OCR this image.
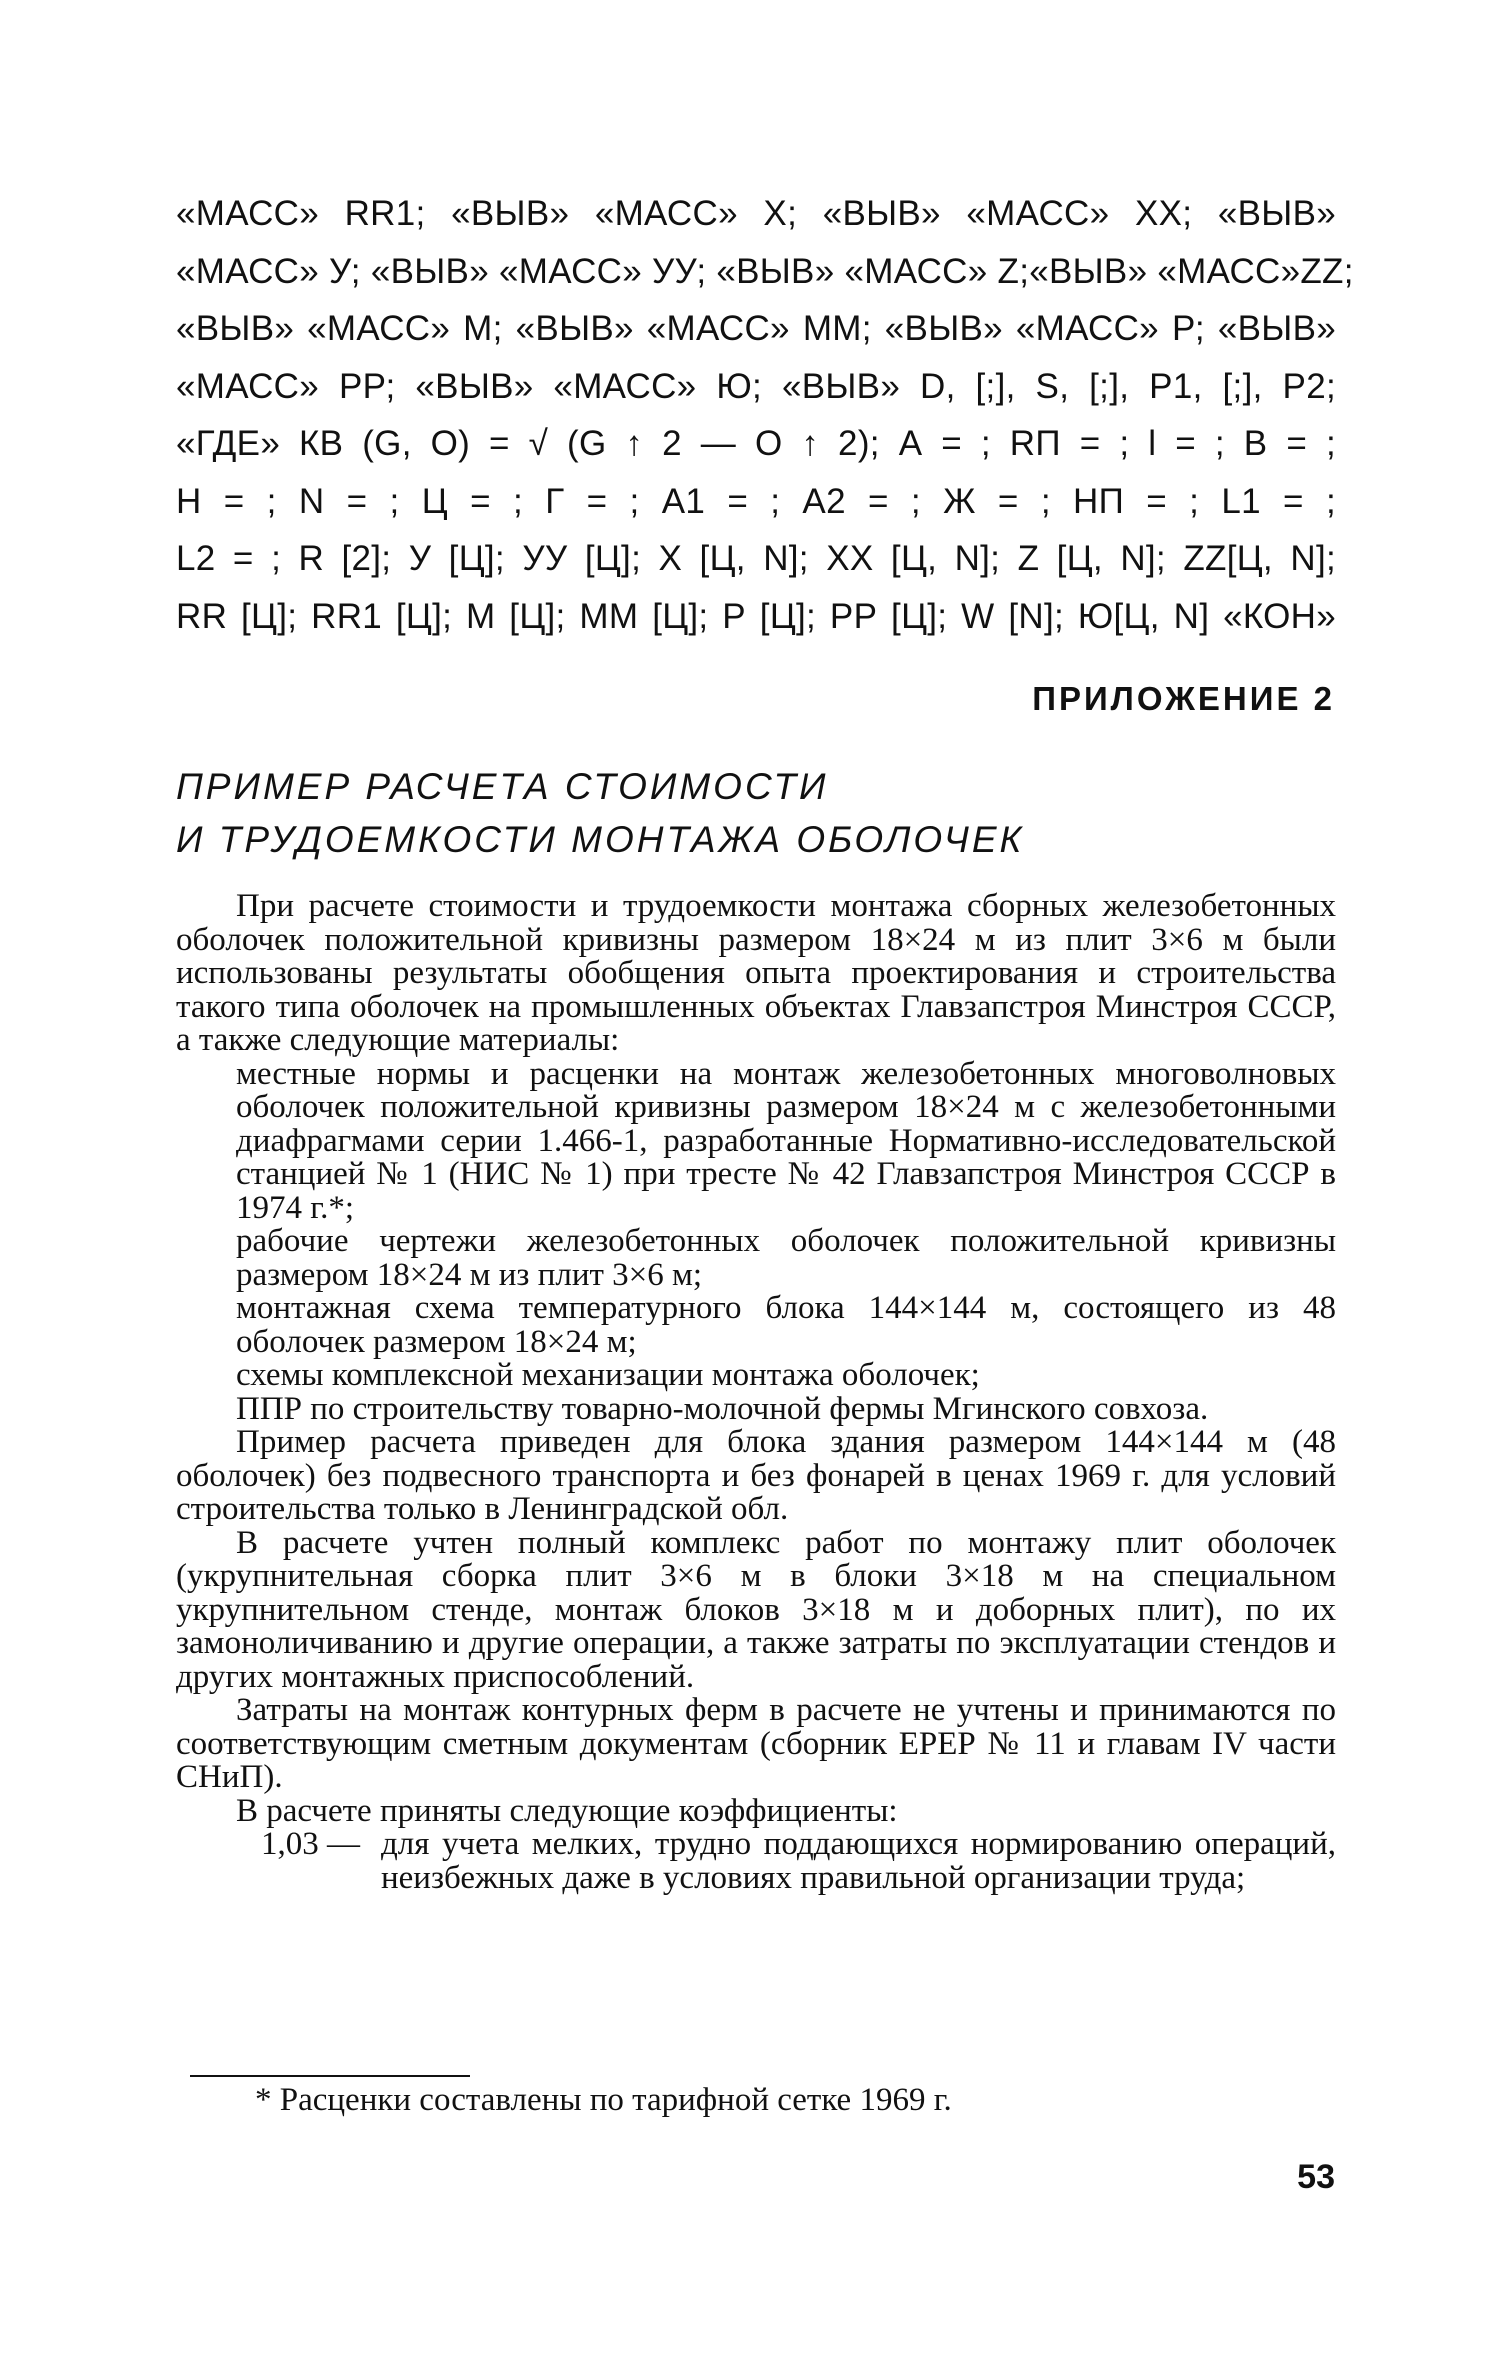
«МАСС» RR1; «ВЫВ» «МАСС» X; «ВЫВ» «МАСС» XX; «ВЫВ»
«МАСС» У; «ВЫВ» «МАСС» УУ; «ВЫВ» «МАСС» Z;«ВЫВ» «МАСС»ZZ;
«ВЫВ» «МАСС» М; «ВЫВ» «МАСС» ММ; «ВЫВ» «МАСС» Р; «ВЫВ»
«МАСС» РР; «ВЫВ» «МАСС» Ю; «ВЫВ» D, [;], S, [;], Р1, [;], Р2;
«ГДЕ» КВ (G, О) = √ (G ↑ 2 — О ↑ 2); А = ; RП = ; l = ; В = ;
Н = ; N = ; Ц = ; Г = ; А1 = ; А2 = ; Ж = ; НП = ; L1 = ;
L2 = ; R [2]; У [Ц]; УУ [Ц]; Х [Ц, N]; XX [Ц, N]; Z [Ц, N]; ZZ[Ц, N];
RR [Ц]; RR1 [Ц]; М [Ц]; ММ [Ц]; Р [Ц]; РР [Ц]; W [N]; Ю[Ц, N] «КОН»
ПРИЛОЖЕНИЕ 2
ПРИМЕР РАСЧЕТА СТОИМОСТИ
И ТРУДОЕМКОСТИ МОНТАЖА ОБОЛОЧЕК

При расчете стоимости и трудоемкости монтажа сборных железобетонных оболочек положительной кривизны размером 18×24 м из плит 3×6 м были использованы результаты обобщения опыта проектирования и строительства такого типа оболочек на промышленных объектах Главзапстроя Минстроя СССР, а также следующие материалы:

местные нормы и расценки на монтаж железобетонных многоволновых оболочек положительной кривизны размером 18×24 м с железобетонными диафрагмами серии 1.466-1, разработанные Нормативно-исследовательской станцией № 1 (НИС № 1) при тресте № 42 Главзапстроя Минстроя СССР в 1974 г.*;

рабочие чертежи железобетонных оболочек положительной кривизны размером 18×24 м из плит 3×6 м;

монтажная схема температурного блока 144×144 м, состоящего из 48 оболочек размером 18×24 м;

схемы комплексной механизации монтажа оболочек;

ППР по строительству товарно-молочной фермы Мгинского совхоза.

Пример расчета приведен для блока здания размером 144×144 м (48 оболочек) без подвесного транспорта и без фонарей в ценах 1969 г. для условий строительства только в Ленинградской обл.

В расчете учтен полный комплекс работ по монтажу плит оболочек (укрупнительная сборка плит 3×6 м в блоки 3×18 м на специальном укрупнительном стенде, монтаж блоков 3×18 м и доборных плит), по их замоноличиванию и другие операции, а также затраты по эксплуатации стендов и других монтажных приспособлений.

Затраты на монтаж контурных ферм в расчете не учтены и принимаются по соответствующим сметным документам (сборник ЕРЕР № 11 и главам IV части СНиП).

В расчете приняты следующие коэффициенты:

1,03 — для учета мелких, трудно поддающихся нормированию операций, неизбежных даже в условиях правильной организации труда;
* Расценки составлены по тарифной сетке 1969 г.
53
